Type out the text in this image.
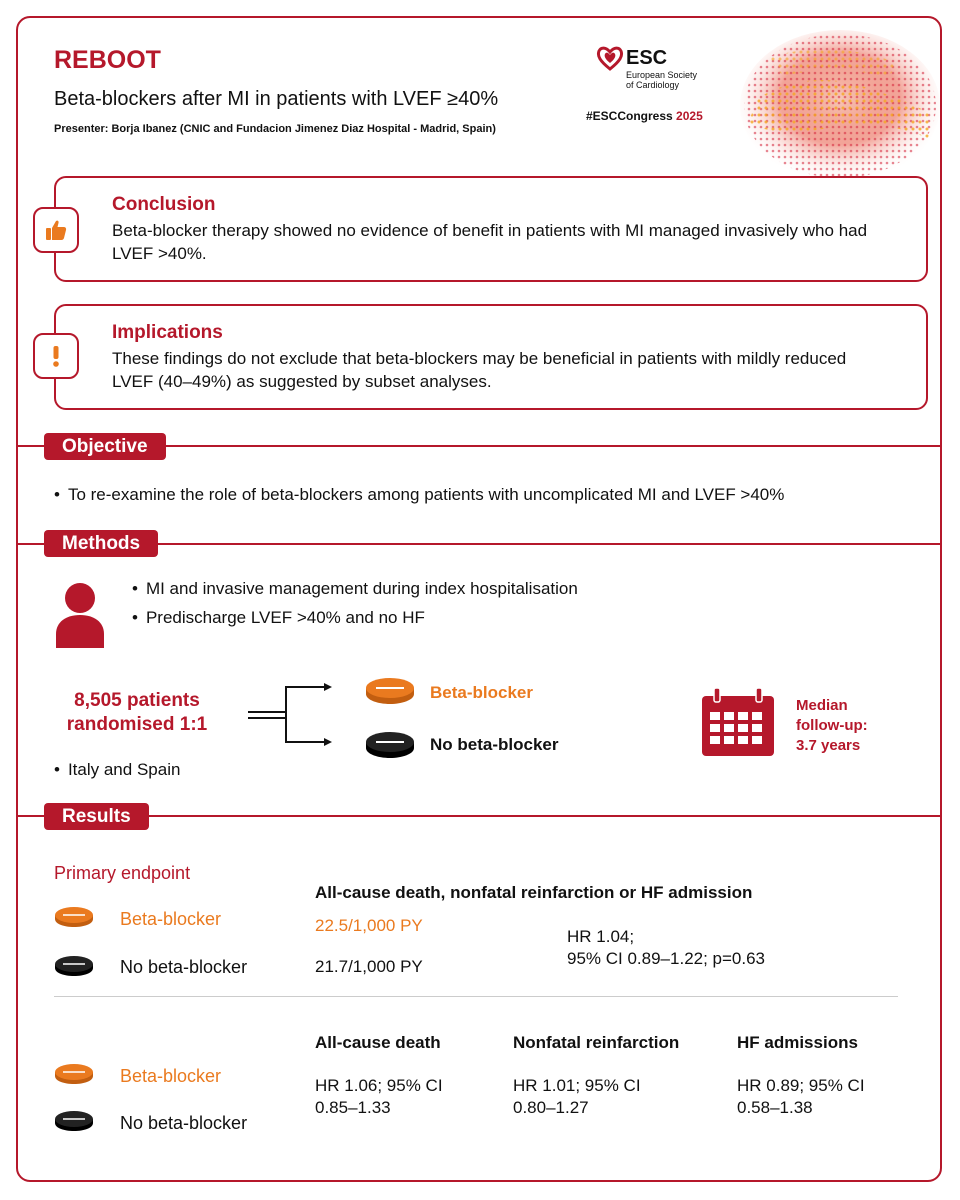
REBOOT
Beta-blockers after MI in patients with LVEF ≥40%
Presenter: Borja Ibanez (CNIC and Fundacion Jimenez Diaz Hospital - Madrid, Spain)
ESC
European Society
of Cardiology
#ESCCongress 2025
Conclusion
Beta-blocker therapy showed no evidence of benefit in patients with MI managed invasively who had LVEF >40%.
Implications
These findings do not exclude that beta-blockers may be beneficial in patients with mildly reduced LVEF (40–49%) as suggested by subset analyses.
Objective
• To re-examine the role of beta-blockers among patients with uncomplicated MI and LVEF >40%
Methods
• MI and invasive management during index hospitalisation
• Predischarge LVEF >40% and no HF
8,505 patients
randomised 1:1
• Italy and Spain
Beta-blocker
No beta-blocker
Median
follow-up:
3.7 years
Results
Primary endpoint
All-cause death, nonfatal reinfarction or HF admission
Beta-blocker
No beta-blocker
22.5/1,000 PY
21.7/1,000 PY
HR 1.04;
95% CI 0.89–1.22; p=0.63
Beta-blocker
No beta-blocker
All-cause death
HR 1.06; 95% CI
0.85–1.33
Nonfatal reinfarction
HR 1.01; 95% CI
0.80–1.27
HF admissions
HR 0.89; 95% CI
0.58–1.38
